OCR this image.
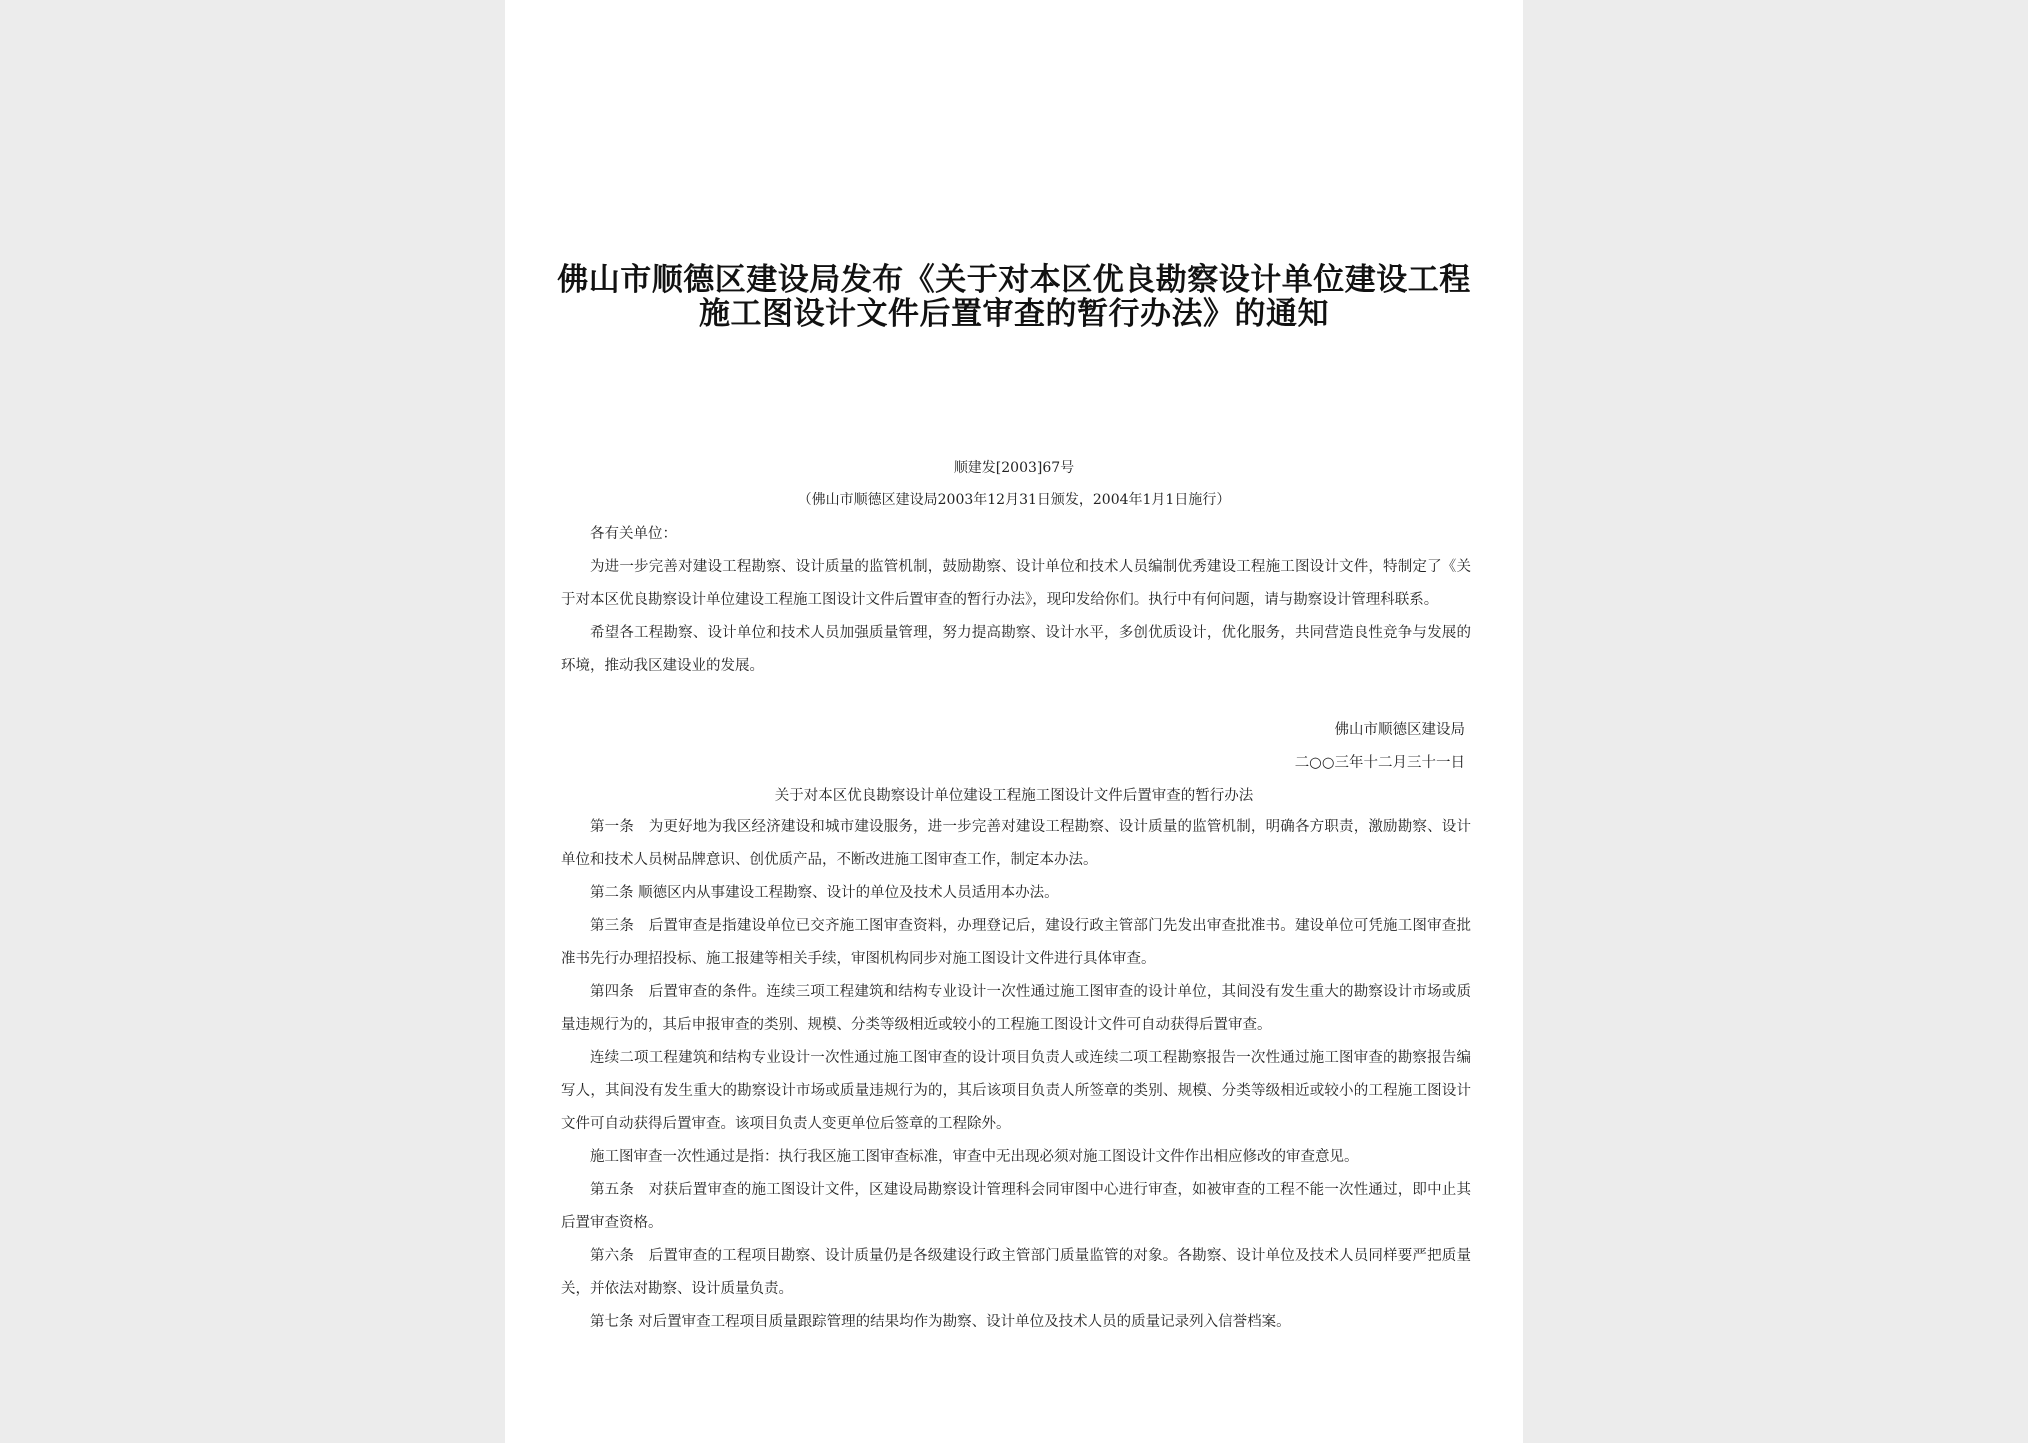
佛山市顺德区建设局发布《关于对本区优良勘察设计单位建设工程施工图设计文件后置审查的暂行办法》的通知
顺建发[2003]67号
（佛山市顺德区建设局2003年12月31日颁发，2004年1月1日施行）

各有关单位：

为进一步完善对建设工程勘察、设计质量的监管机制，鼓励勘察、设计单位和技术人员编制优秀建设工程施工图设计文件，特制定了《关于对本区优良勘察设计单位建设工程施工图设计文件后置审查的暂行办法》，现印发给你们。执行中有何问题，请与勘察设计管理科联系。

希望各工程勘察、设计单位和技术人员加强质量管理，努力提高勘察、设计水平，多创优质设计，优化服务，共同营造良性竞争与发展的环境，推动我区建设业的发展。

佛山市顺德区建设局
二○○三年十二月三十一日
关于对本区优良勘察设计单位建设工程施工图设计文件后置审查的暂行办法

第一条　为更好地为我区经济建设和城市建设服务，进一步完善对建设工程勘察、设计质量的监管机制，明确各方职责，激励勘察、设计单位和技术人员树品牌意识、创优质产品，不断改进施工图审查工作，制定本办法。

第二条 顺德区内从事建设工程勘察、设计的单位及技术人员适用本办法。

第三条　后置审查是指建设单位已交齐施工图审查资料，办理登记后，建设行政主管部门先发出审查批准书。建设单位可凭施工图审查批准书先行办理招投标、施工报建等相关手续，审图机构同步对施工图设计文件进行具体审查。

第四条　后置审查的条件。连续三项工程建筑和结构专业设计一次性通过施工图审查的设计单位，其间没有发生重大的勘察设计市场或质量违规行为的，其后申报审查的类别、规模、分类等级相近或较小的工程施工图设计文件可自动获得后置审查。

连续二项工程建筑和结构专业设计一次性通过施工图审查的设计项目负责人或连续二项工程勘察报告一次性通过施工图审查的勘察报告编写人，其间没有发生重大的勘察设计市场或质量违规行为的，其后该项目负责人所签章的类别、规模、分类等级相近或较小的工程施工图设计文件可自动获得后置审查。该项目负责人变更单位后签章的工程除外。

施工图审查一次性通过是指：执行我区施工图审查标准，审查中无出现必须对施工图设计文件作出相应修改的审查意见。

第五条　对获后置审查的施工图设计文件，区建设局勘察设计管理科会同审图中心进行审查，如被审查的工程不能一次性通过，即中止其后置审查资格。

第六条　后置审查的工程项目勘察、设计质量仍是各级建设行政主管部门质量监管的对象。各勘察、设计单位及技术人员同样要严把质量关，并依法对勘察、设计质量负责。

第七条 对后置审查工程项目质量跟踪管理的结果均作为勘察、设计单位及技术人员的质量记录列入信誉档案。
